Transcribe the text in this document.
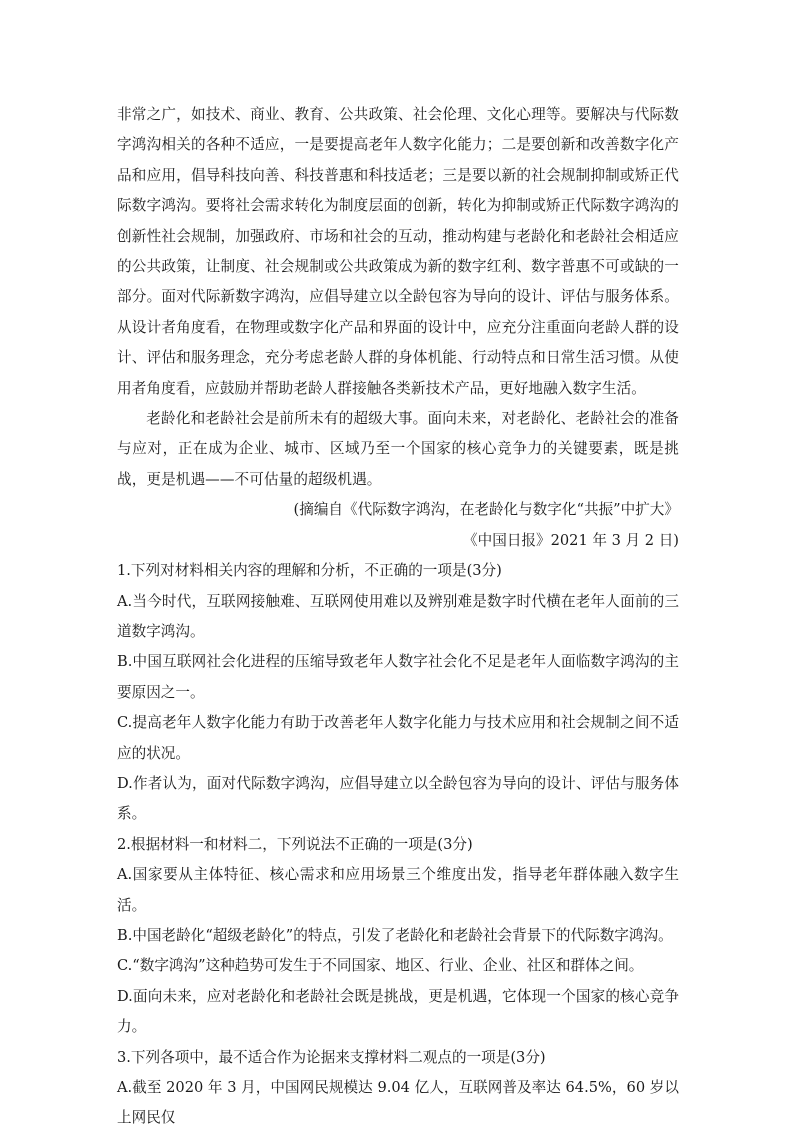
非常之广，如技术、商业、教育、公共政策、社会伦理、文化心理等。要解决与代际数字鸿沟相关的各种不适应，一是要提高老年人数字化能力；二是要创新和改善数字化产品和应用，倡导科技向善、科技普惠和科技适老；三是要以新的社会规制抑制或矫正代际数字鸿沟。要将社会需求转化为制度层面的创新，转化为抑制或矫正代际数字鸿沟的创新性社会规制，加强政府、市场和社会的互动，推动构建与老龄化和老龄社会相适应的公共政策，让制度、社会规制或公共政策成为新的数字红利、数字普惠不可或缺的一部分。面对代际新数字鸿沟，应倡导建立以全龄包容为导向的设计、评估与服务体系。从设计者角度看，在物理或数字化产品和界面的设计中，应充分注重面向老龄人群的设计、评估和服务理念，充分考虑老龄人群的身体机能、行动特点和日常生活习惯。从使用者角度看，应鼓励并帮助老龄人群接触各类新技术产品，更好地融入数字生活。

老龄化和老龄社会是前所未有的超级大事。面向未来，对老龄化、老龄社会的准备与应对，正在成为企业、城市、区域乃至一个国家的核心竞争力的关键要素，既是挑战，更是机遇——不可估量的超级机遇。

(摘编自《代际数字鸿沟，在老龄化与数字化“共振”中扩大》

《中国日报》2021 年 3 月 2 日)

1.下列对材料相关内容的理解和分析，不正确的一项是(3分)

A.当今时代，互联网接触难、互联网使用难以及辨别难是数字时代横在老年人面前的三道数字鸿沟。

B.中国互联网社会化进程的压缩导致老年人数字社会化不足是老年人面临数字鸿沟的主要原因之一。

C.提高老年人数字化能力有助于改善老年人数字化能力与技术应用和社会规制之间不适应的状况。

D.作者认为，面对代际数字鸿沟，应倡导建立以全龄包容为导向的设计、评估与服务体系。

2.根据材料一和材料二，下列说法不正确的一项是(3分)

A.国家要从主体特征、核心需求和应用场景三个维度出发，指导老年群体融入数字生活。

B.中国老龄化“超级老龄化”的特点，引发了老龄化和老龄社会背景下的代际数字鸿沟。

C.“数字鸿沟”这种趋势可发生于不同国家、地区、行业、企业、社区和群体之间。

D.面向未来，应对老龄化和老龄社会既是挑战，更是机遇，它体现一个国家的核心竞争力。

3.下列各项中，最不适合作为论据来支撑材料二观点的一项是(3分)

A.截至 2020 年 3 月，中国网民规模达 9.04 亿人，互联网普及率达 64.5%，60 岁以上网民仅
